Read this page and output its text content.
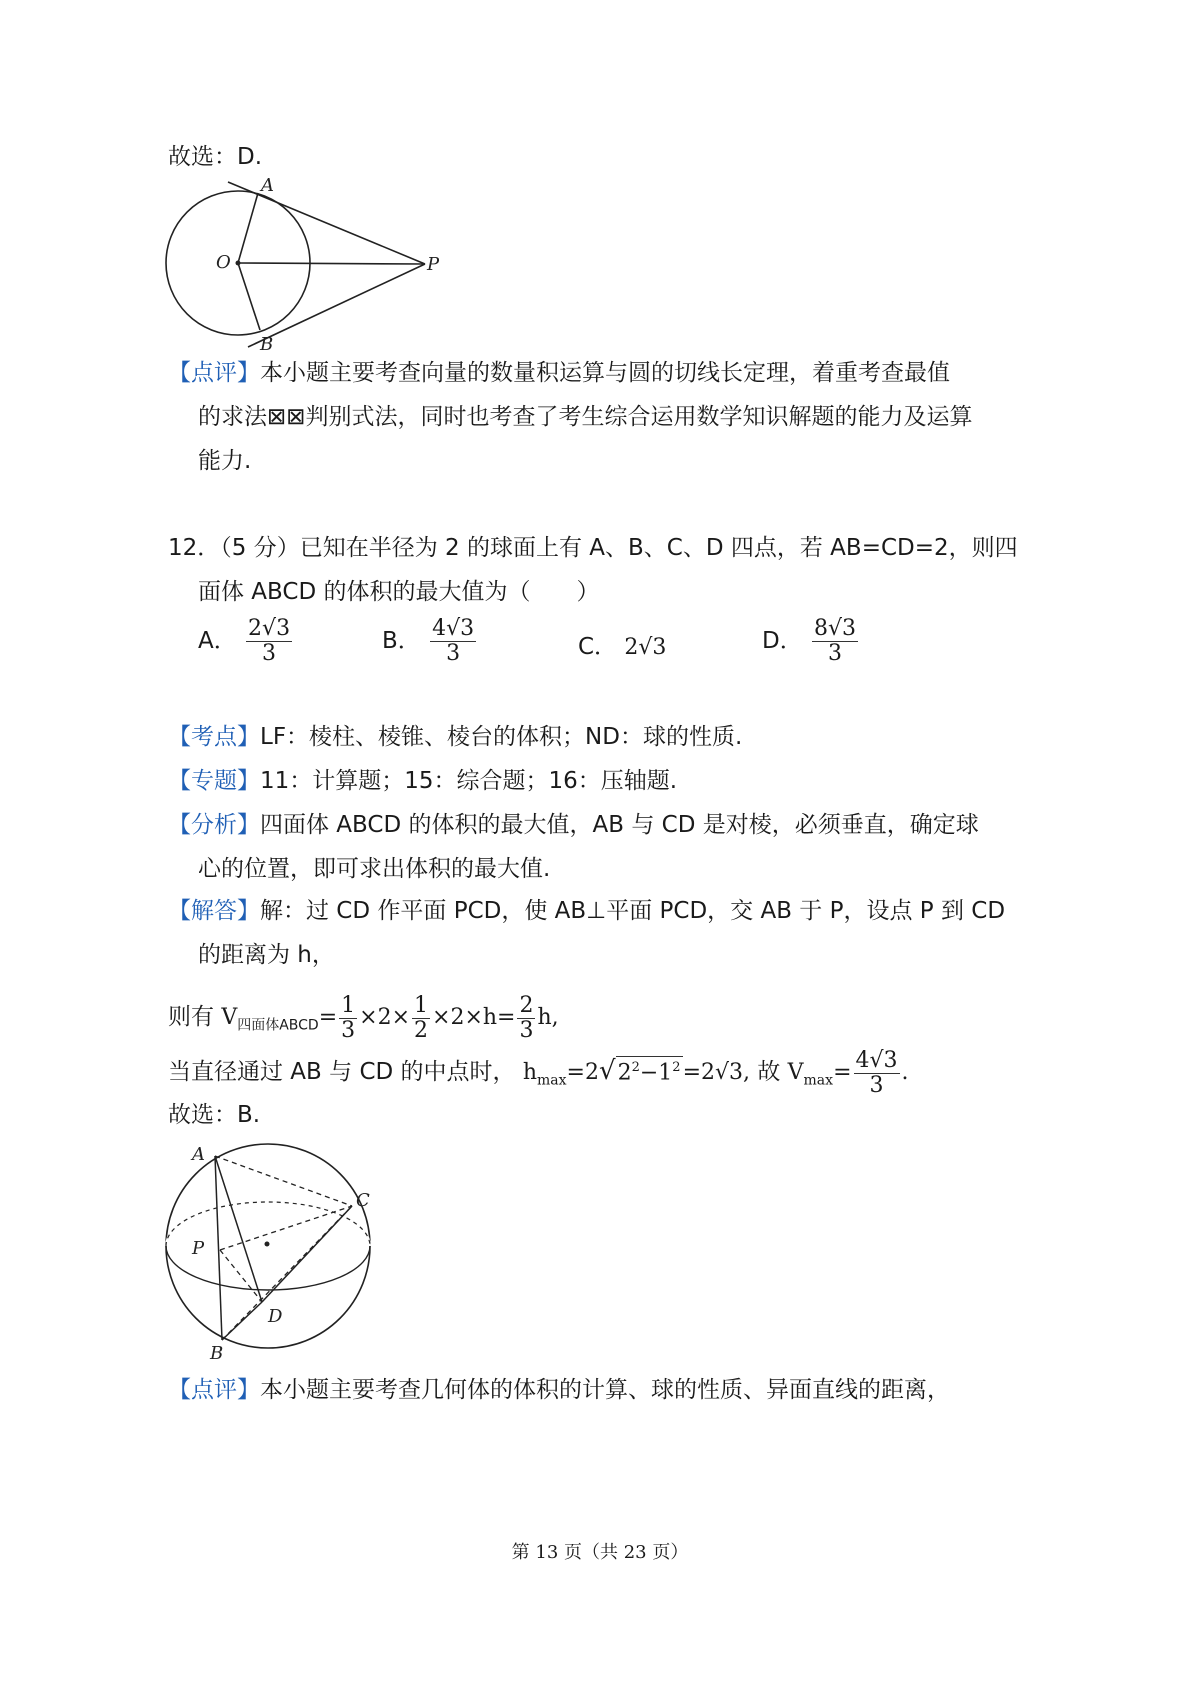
故选：D.
A
O	P
B
【点评】本小题主要考查向量的数量积运算与圆的切线长定理，着重考查最值
的求法⊠⊠判别式法，同时也考查了考生综合运用数学知识解题的能力及运算
能力.
12．（5 分）已知在半径为 2 的球面上有 A、B、C、D 四点，若 AB=CD=2，则四
面体 ABCD 的体积的最大值为（　　）
A． $\frac{2√3}{3}$	B． $\frac{4√3}{3}$	C． 2√3	D． $\frac{8√3}{3}$
【考点】LF：棱柱、棱锥、棱台的体积；ND：球的性质.
【专题】11：计算题；15：综合题；16：压轴题.
【分析】四面体 ABCD 的体积的最大值，AB 与 CD 是对棱，必须垂直，确定球
心的位置，即可求出体积的最大值.
【解答】解：过 CD 作平面 PCD，使 AB⊥平面 PCD，交 AB 于 P，设点 P 到 CD
的距离为 h，
则有 $V_{四面体ABCD}= \frac{1}{3} \times 2\times \frac{1}{2} \times 2\times h= \frac{2}{3} h$,
当直径通过 AB 与 CD 的中点时， $h_{max}=2√2^2-1^2=2√3$, 故 $V_{max}= \frac{4√3}{3}$ .
故选：B.
A
C
P
D
B
【点评】本小题主要考查几何体的体积的计算、球的性质、异面直线的距离，
第 13 页（共 23 页）
